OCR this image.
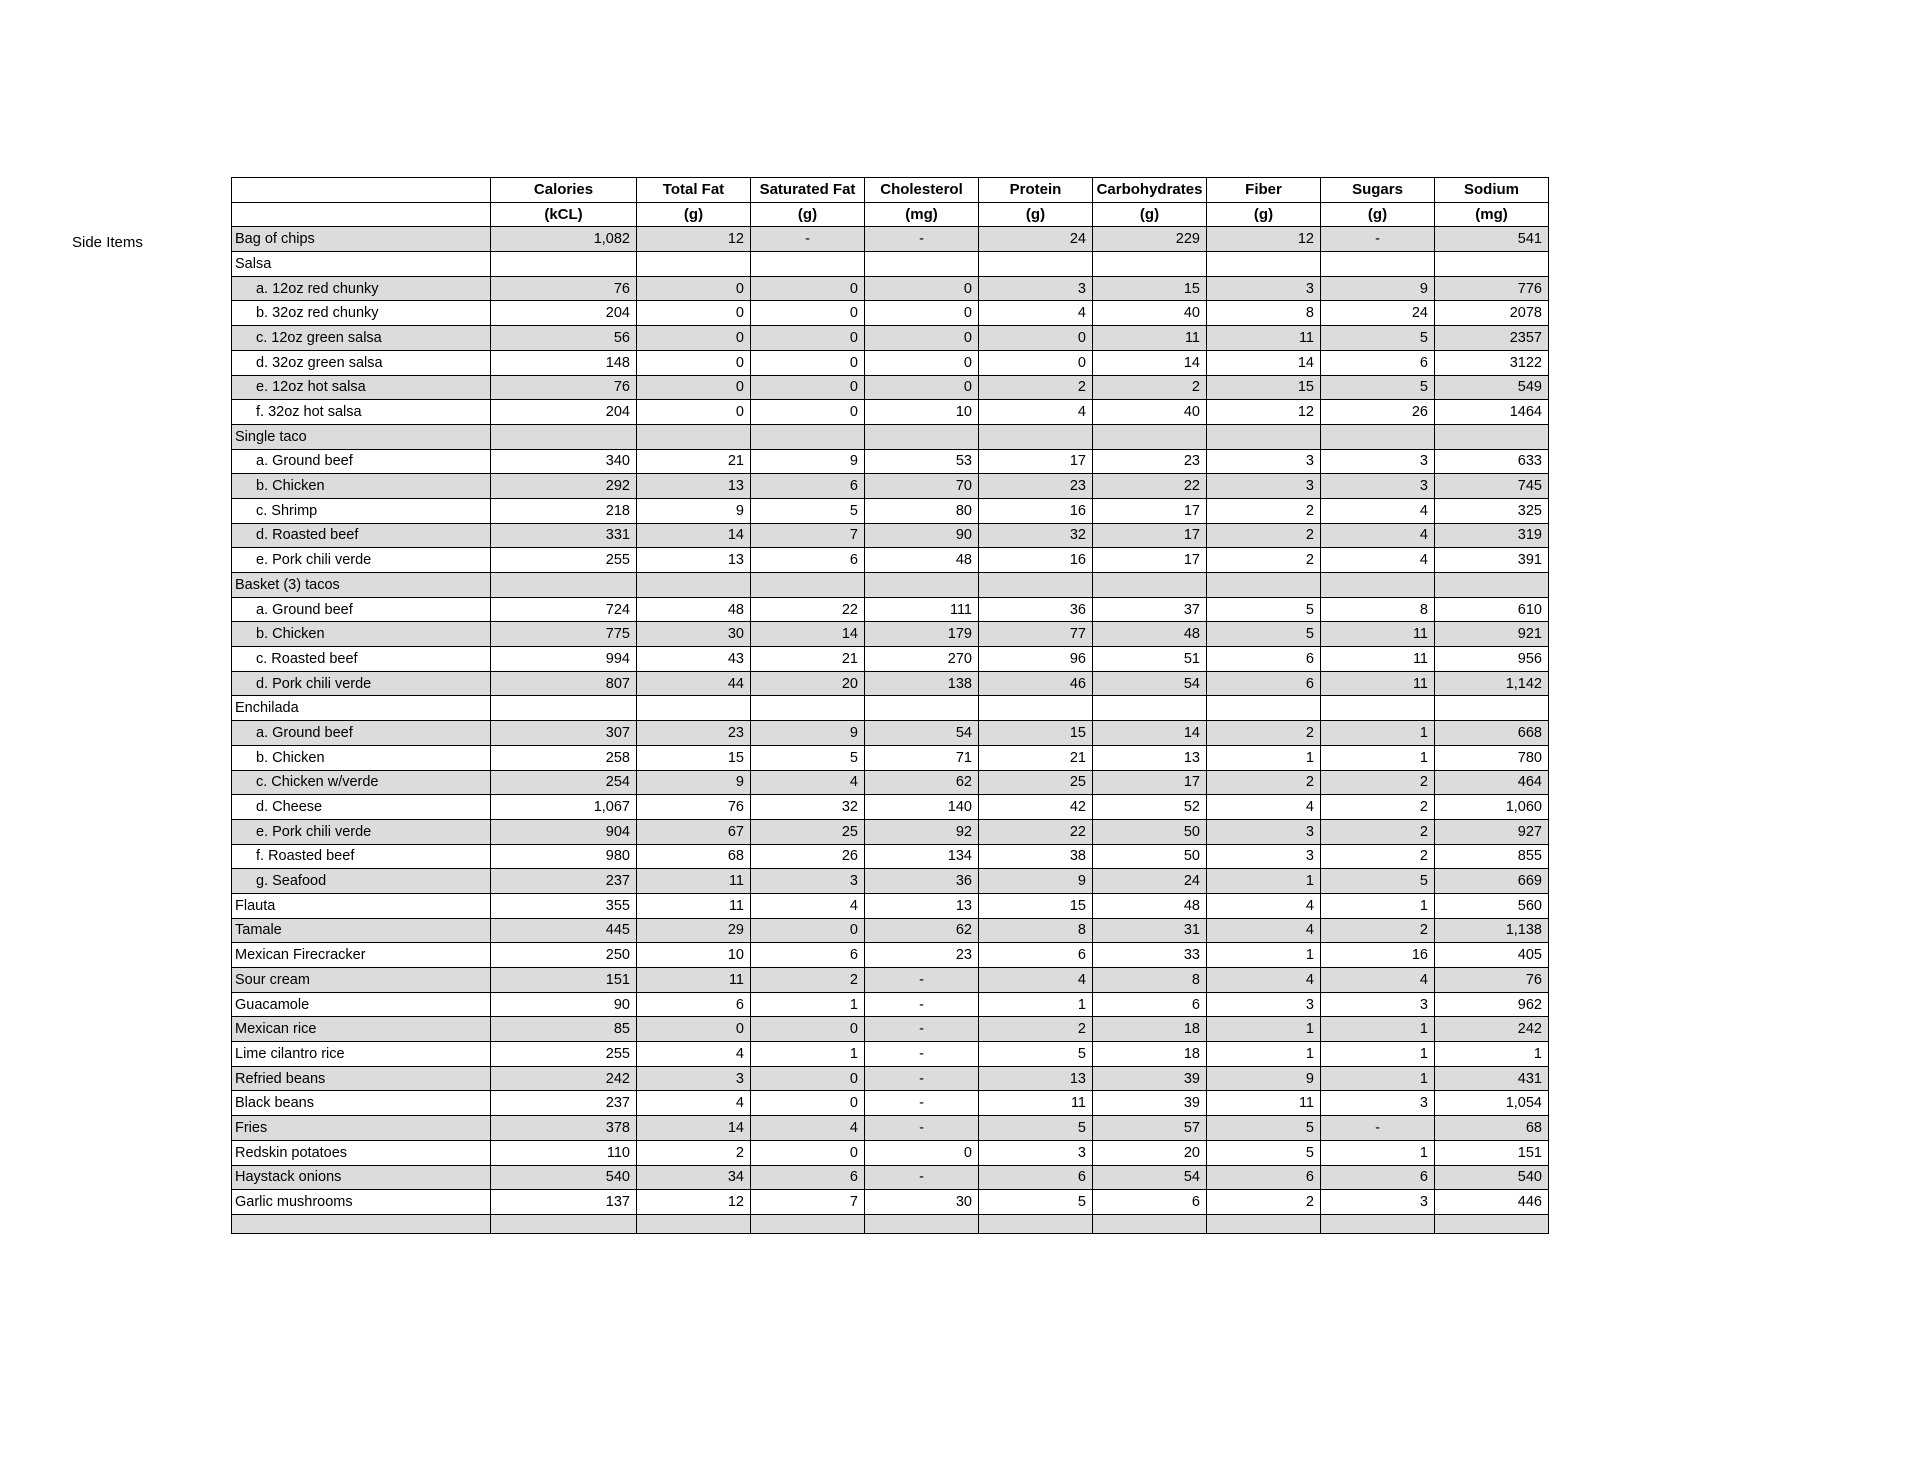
Side Items
	Calories	Total Fat	Saturated Fat	Cholesterol	Protein	Carbohydrates	Fiber	Sugars	Sodium
	(kCL)	(g)	(g)	(mg)	(g)	(g)	(g)	(g)	(mg)
Bag of chips	1,082	12	-	-	24	229	12	-	541
Salsa									
a. 12oz red chunky	76	0	0	0	3	15	3	9	776
b. 32oz red chunky	204	0	0	0	4	40	8	24	2078
c. 12oz green salsa	56	0	0	0	0	11	11	5	2357
d. 32oz green salsa	148	0	0	0	0	14	14	6	3122
e. 12oz hot salsa	76	0	0	0	2	2	15	5	549
f. 32oz hot salsa	204	0	0	10	4	40	12	26	1464
Single taco									
a. Ground beef	340	21	9	53	17	23	3	3	633
b. Chicken	292	13	6	70	23	22	3	3	745
c. Shrimp	218	9	5	80	16	17	2	4	325
d. Roasted beef	331	14	7	90	32	17	2	4	319
e. Pork chili verde	255	13	6	48	16	17	2	4	391
Basket (3) tacos									
a. Ground beef	724	48	22	111	36	37	5	8	610
b. Chicken	775	30	14	179	77	48	5	11	921
c. Roasted beef	994	43	21	270	96	51	6	11	956
d. Pork chili verde	807	44	20	138	46	54	6	11	1,142
Enchilada									
a. Ground beef	307	23	9	54	15	14	2	1	668
b. Chicken	258	15	5	71	21	13	1	1	780
c. Chicken w/verde	254	9	4	62	25	17	2	2	464
d. Cheese	1,067	76	32	140	42	52	4	2	1,060
e. Pork chili verde	904	67	25	92	22	50	3	2	927
f. Roasted beef	980	68	26	134	38	50	3	2	855
g. Seafood	237	11	3	36	9	24	1	5	669
Flauta	355	11	4	13	15	48	4	1	560
Tamale	445	29	0	62	8	31	4	2	1,138
Mexican Firecracker	250	10	6	23	6	33	1	16	405
Sour cream	151	11	2	-	4	8	4	4	76
Guacamole	90	6	1	-	1	6	3	3	962
Mexican rice	85	0	0	-	2	18	1	1	242
Lime cilantro rice	255	4	1	-	5	18	1	1	1
Refried beans	242	3	0	-	13	39	9	1	431
Black beans	237	4	0	-	11	39	11	3	1,054
Fries	378	14	4	-	5	57	5	-	68
Redskin potatoes	110	2	0	0	3	20	5	1	151
Haystack onions	540	34	6	-	6	54	6	6	540
Garlic mushrooms	137	12	7	30	5	6	2	3	446
